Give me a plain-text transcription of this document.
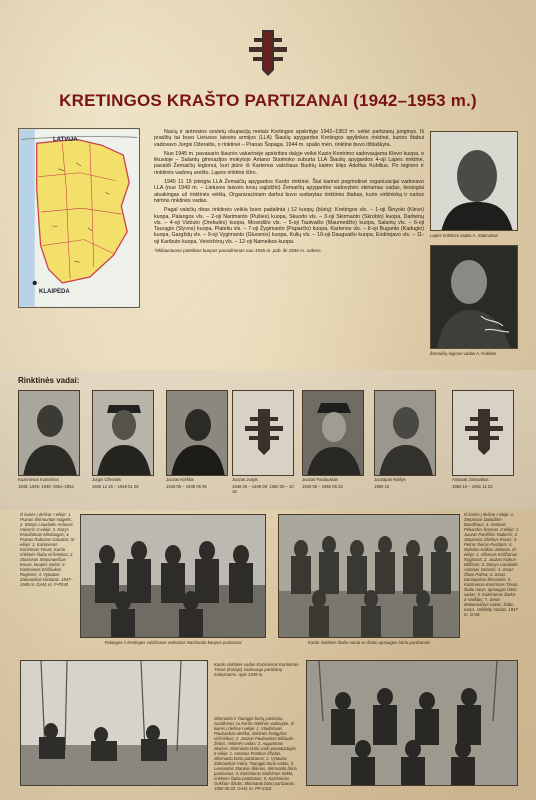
KRETINGOS KRAŠTO PARTIZANAI (1942–1953 m.)
LATVIJA
KLAIPĖDA

Nacių ir antrosios sovietų okupacijų metais Kretingos apskrityje 1942–1953 m. veikė partizanų junginys. Iš pradžių tai buvo Lietuvos laisvės armijos (LLA) Šiaulių apygardos Kretingos apylinkės rinktinė, kurios štabui vadovavo Jurgis Ožeraitis, o rinktinei – Pranas Šopaga. 1944 m. spalio mėn. rinktinė buvo išblaškyta.

Nuo 1945 m. pavasario šiaurės vakarinėje apskrities dalyje veikė Kazio Kontrimo vadovaujama Klevo kuopa, o likusioje – Salantų gimnazijos mokytojo Antano Staimoko suburta LLA Šiaulių apygardos 4-oji Lapės rinktinė, pavaldi Žemaičių legionui, kuri įkūrė iš Kartenos valsčiaus Budrių kaimo kilęs Adolfas Kubilius. Po legiono ir rinktinės vadovų arešto, Lapės rinktinė iširo.

1945 11 15 įsteigta LLA Žemaičių apygardos Kardo rinktinė. Šiai karinei pogrindinei organizacijai vadovavo LLA (nuo 1949 m. – Lietuvos laisvės kovų sąjūdžio) Žemaičių apygardos vadovybės skiriamas vadas, tiesiogiai atsakingas už rinktinės veiklą. Organizaciniam darbui buvo sudarytas rinktinės štabas, kurio viršininką ir narius tvirtino rinktinės vadas.

Pagal valsčių ribas rinktinės veikla buvo padalinta į 12 kuopų (būrių): Kretingos vls. – 1-oji Šinyolo (Klevo) kuopa, Palangos vls. – 2-oji Narimanto (Pušies) kuopa, Skuodo vls. – 3-oji Skirmanto (Skroblo) kuopa, Darbėnų vls. – 4-oji Vizbuto (Drebulės) kuopa, Mosėdžio vls. – 5-oji Tautvaišo (Maumedžio) kuopa, Salantų vls. – 6-oji Taurągio (Slyvos) kuopa, Plateliu vls. – 7-oji Žygimanto (Paparčio) kuopa, Kartenos vls. – 8-oji Buganto (Kadugio) kuopa, Gargždų vls. – 9-oji Vygimanto (Gluosnio) kuopa, Kulių vls. – 10-oji Daugvaišo kuopa, Endriejavo vls. – 11-oji Kaributo kuopa, Veiviržėnų vls. – 12-oji Nameikos kuopa.

*Skliaustuose pateiktas kuopos pavadinimas nuo 1945 m. pab. iki 1946 m. rudens.

Lapės rinktinės vadas A. Staimokas
Žemaičių legiono vadas A. Kubilius
Rinktinės vadai:
Kazimieras Kontrimas
1945; 1946; 1949; 1951–1952
Jurgis Ožeraitis
1945 12 25 – 1946 01 25
Juozas Kiriškis
1946 05 – 1948 05 06
Juozas Jurgis
1948 06 – 1949 06; 1950 05 – 10 15
Juozas Paulauskas
1949 06 – 1950 05 23
Juozapas Raišys
1950 10
Antanas Jonauskas
1950 10 – 1951 11 23
Iš kairės į dešinę: I eilėje: 1. Pranas Skirmuntas-Nagelis; 2. Stasys Liaudaitis-Antanas Vaiseris; II eilėje: 3. Kazys Kriaučiūnas-Mindaugas; 4. Pranas Rubezas-Gaivalas; III eilėje: 1. Kazimieras Kontrimas-Tėvas, Kardo rinktinės štabo viršininkas; 2. Stasionas Steponavičius-Kovas, kuopos vadas; 3. Kazimieras Kriščiukas-Rugienis; 4. Vytautas Zakrauskas-Gintaras. 1947–1949 m. GAM, nr. P-P240
Palangos ir Kretingos valsčiuose veikusios Narimanto kuopos partizanai	Kardo rinktinės štabo nariai su štabo apsaugos būrio partizanais
Iš kairės į dešinę I eilėje: 1. Stepionas Dailiuškis-Bandžiaus; 3. Antanas Pėkarskis-Šarmas. II eilėje: 1. Juozas Paniškiis-Taukeris; 3. Stepionas Zilettrys-Kovas; 3. Petras Šeirys-Pusbūris; 4. Mykolas Kalkus-Jokimas. III eilėje: 1. Alfonsas Kriščiūnas-Rugionas; 2. Juozas Kuikus-Milžinas; 3. Stasys Liaudaitis-Antanas Vaiseris; 4. Jonas Šliwa-Palma; 4. Jonas Daniauskas-Šimonėlis; 5. Kazimieras Kontrimas-Tėvas, štabo narys, apsaugos būrio vadas; 5. Kazimieras Šarka-a-Vaidilas; 7. Jonas Makaravičius-Liūtas, štabo narys. Valdinity Vaidas. 1947 m. GAM.
Kardo rinktinės vadas Kazimieras Kontrimas-Tėvas (kairėje) vadovauja partizanų mokymams. Apie 1949 m.
Skirmanto ir Taurągio būrių partizanų susitikimas su Kardo rinktinės vadovybe. Iš kairės į dešinę I eilėje: 1. Vladislovas Paulauskas-Meška, rinktinės žvalgybos viršininkas; 2. Juozas Paulauskas-Bičiuolis-Žebiis, rinktinės vadas; 3. Augustinas Skučas, Skirmanto būrio vado pavaduotojas. II eilėje: 1. Antanas Pontkus-Žilvitas, Skirmanto būrio partizanas; 2. Vytautas Zakrauskas-Vėtra, Taurągio būrio vadas; 3. Leonardas Stankus-Šilėnas, Skirmanto būrio partizanas; 4. Kazimieras Mažrimas-Sėkla, rinktinės štabo partizanas; 5. Kazimieras Grikštas-Šilutis, Skirmanto būrio partizanas. 1950 05 03. GAM, nr. PP-2318
